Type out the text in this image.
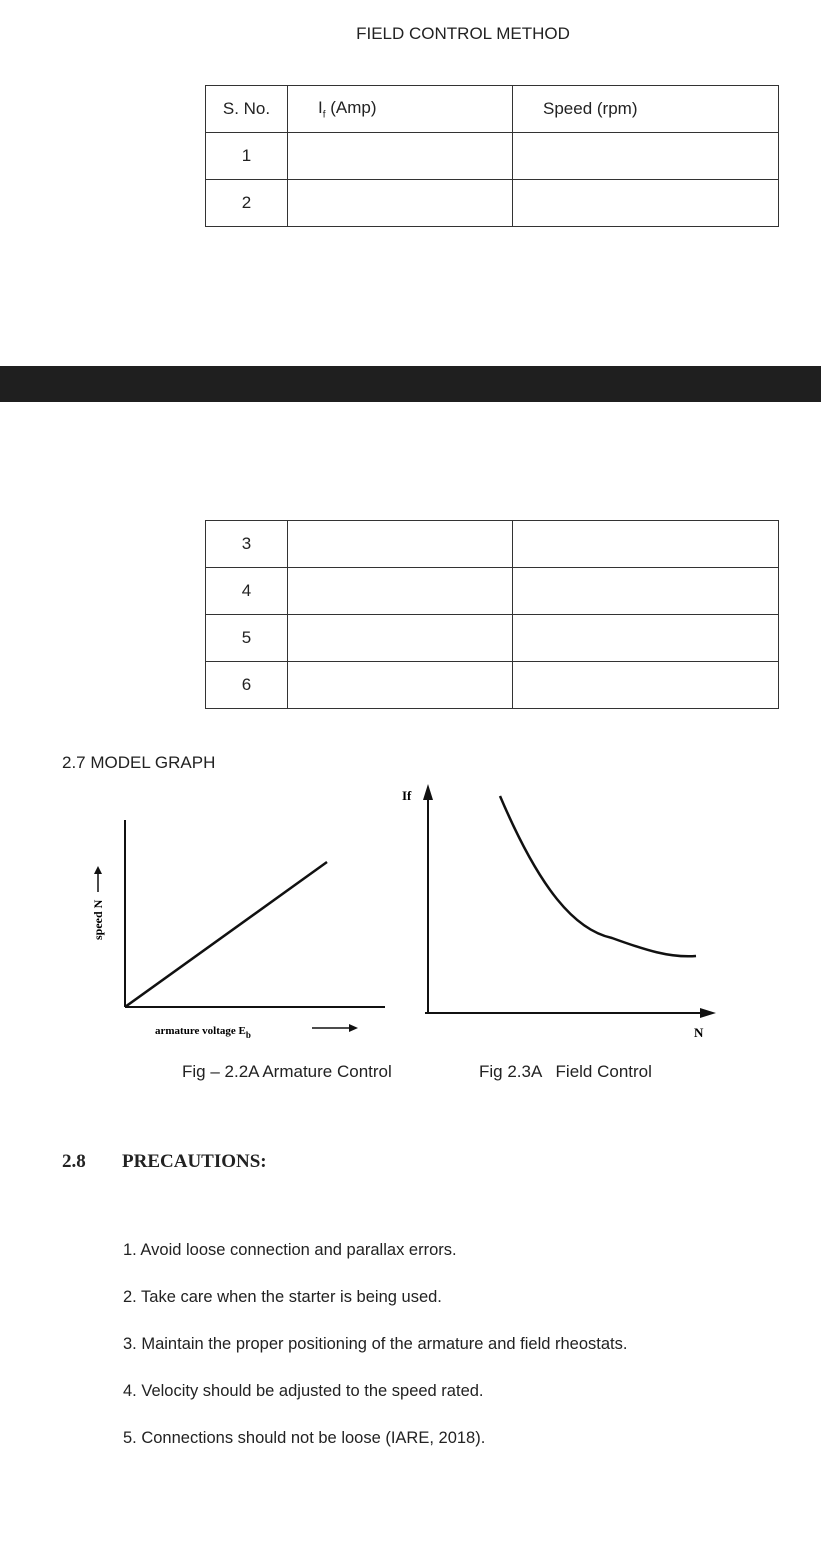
FIELD CONTROL METHOD
S. No.	$I_f$ (Amp)	Speed (rpm)
1		
2		
3		
4		
5		
6		
2.7 MODEL GRAPH
speed N
armature voltage $E_b$
If
N
Fig – 2.2A Armature Control	Fig 2.3A   Field Control
2.8 PRECAUTIONS:
1. Avoid loose connection and parallax errors.
2. Take care when the starter is being used.
3. Maintain the proper positioning of the armature and field rheostats.
4. Velocity should be adjusted to the speed rated.
5. Connections should not be loose (IARE, 2018).
